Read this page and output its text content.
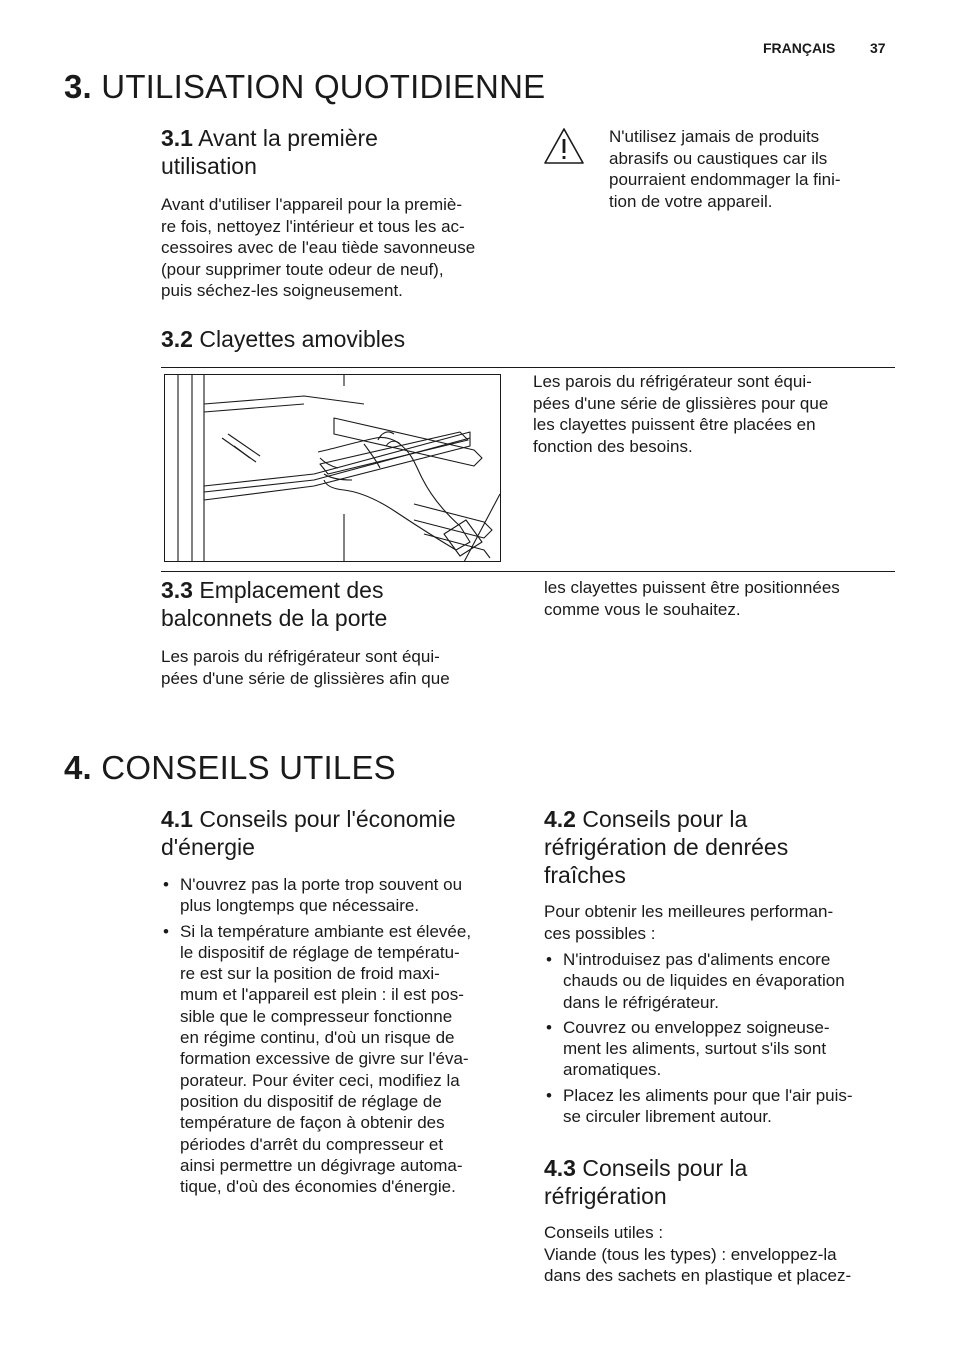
FRANÇAIS 37
3. UTILISATION QUOTIDIENNE
3.1 Avant la première utilisation

Avant d'utiliser l'appareil pour la premiè-

re fois, nettoyez l'intérieur et tous les ac-

cessoires avec de l'eau tiède savonneuse

(pour supprimer toute odeur de neuf),

puis séchez-les soigneusement.

N'utilisez jamais de produits

abrasifs ou caustiques car ils

pourraient endommager la fini-

tion de votre appareil.

3.2 Clayettes amovibles

Les parois du réfrigérateur sont équi-

pées d'une série de glissières pour que

les clayettes puissent être placées en

fonction des besoins.

3.3 Emplacement des balconnets de la porte

Les parois du réfrigérateur sont équi-

pées d'une série de glissières afin que

les clayettes puissent être positionnées

comme vous le souhaitez.

4. CONSEILS UTILES
4.1 Conseils pour l'économie d'énergie
• N'ouvrez pas la porte trop souvent ou
plus longtemps que nécessaire.
• Si la température ambiante est élevée,
le dispositif de réglage de températu-
re est sur la position de froid maxi-
mum et l'appareil est plein : il est pos-
sible que le compresseur fonctionne
en régime continu, d'où un risque de
formation excessive de givre sur l'éva-
porateur. Pour éviter ceci, modifiez la
position du dispositif de réglage de
température de façon à obtenir des
périodes d'arrêt du compresseur et
ainsi permettre un dégivrage automa-
tique, d'où des économies d'énergie.
4.2 Conseils pour la réfrigération de denrées fraîches

Pour obtenir les meilleures performan-

ces possibles :

• N'introduisez pas d'aliments encore
chauds ou de liquides en évaporation
dans le réfrigérateur.
• Couvrez ou enveloppez soigneuse-
ment les aliments, surtout s'ils sont
aromatiques.
• Placez les aliments pour que l'air puis-
se circuler librement autour.
4.3 Conseils pour la réfrigération

Conseils utiles :

Viande (tous les types) : enveloppez-la

dans des sachets en plastique et placez-
